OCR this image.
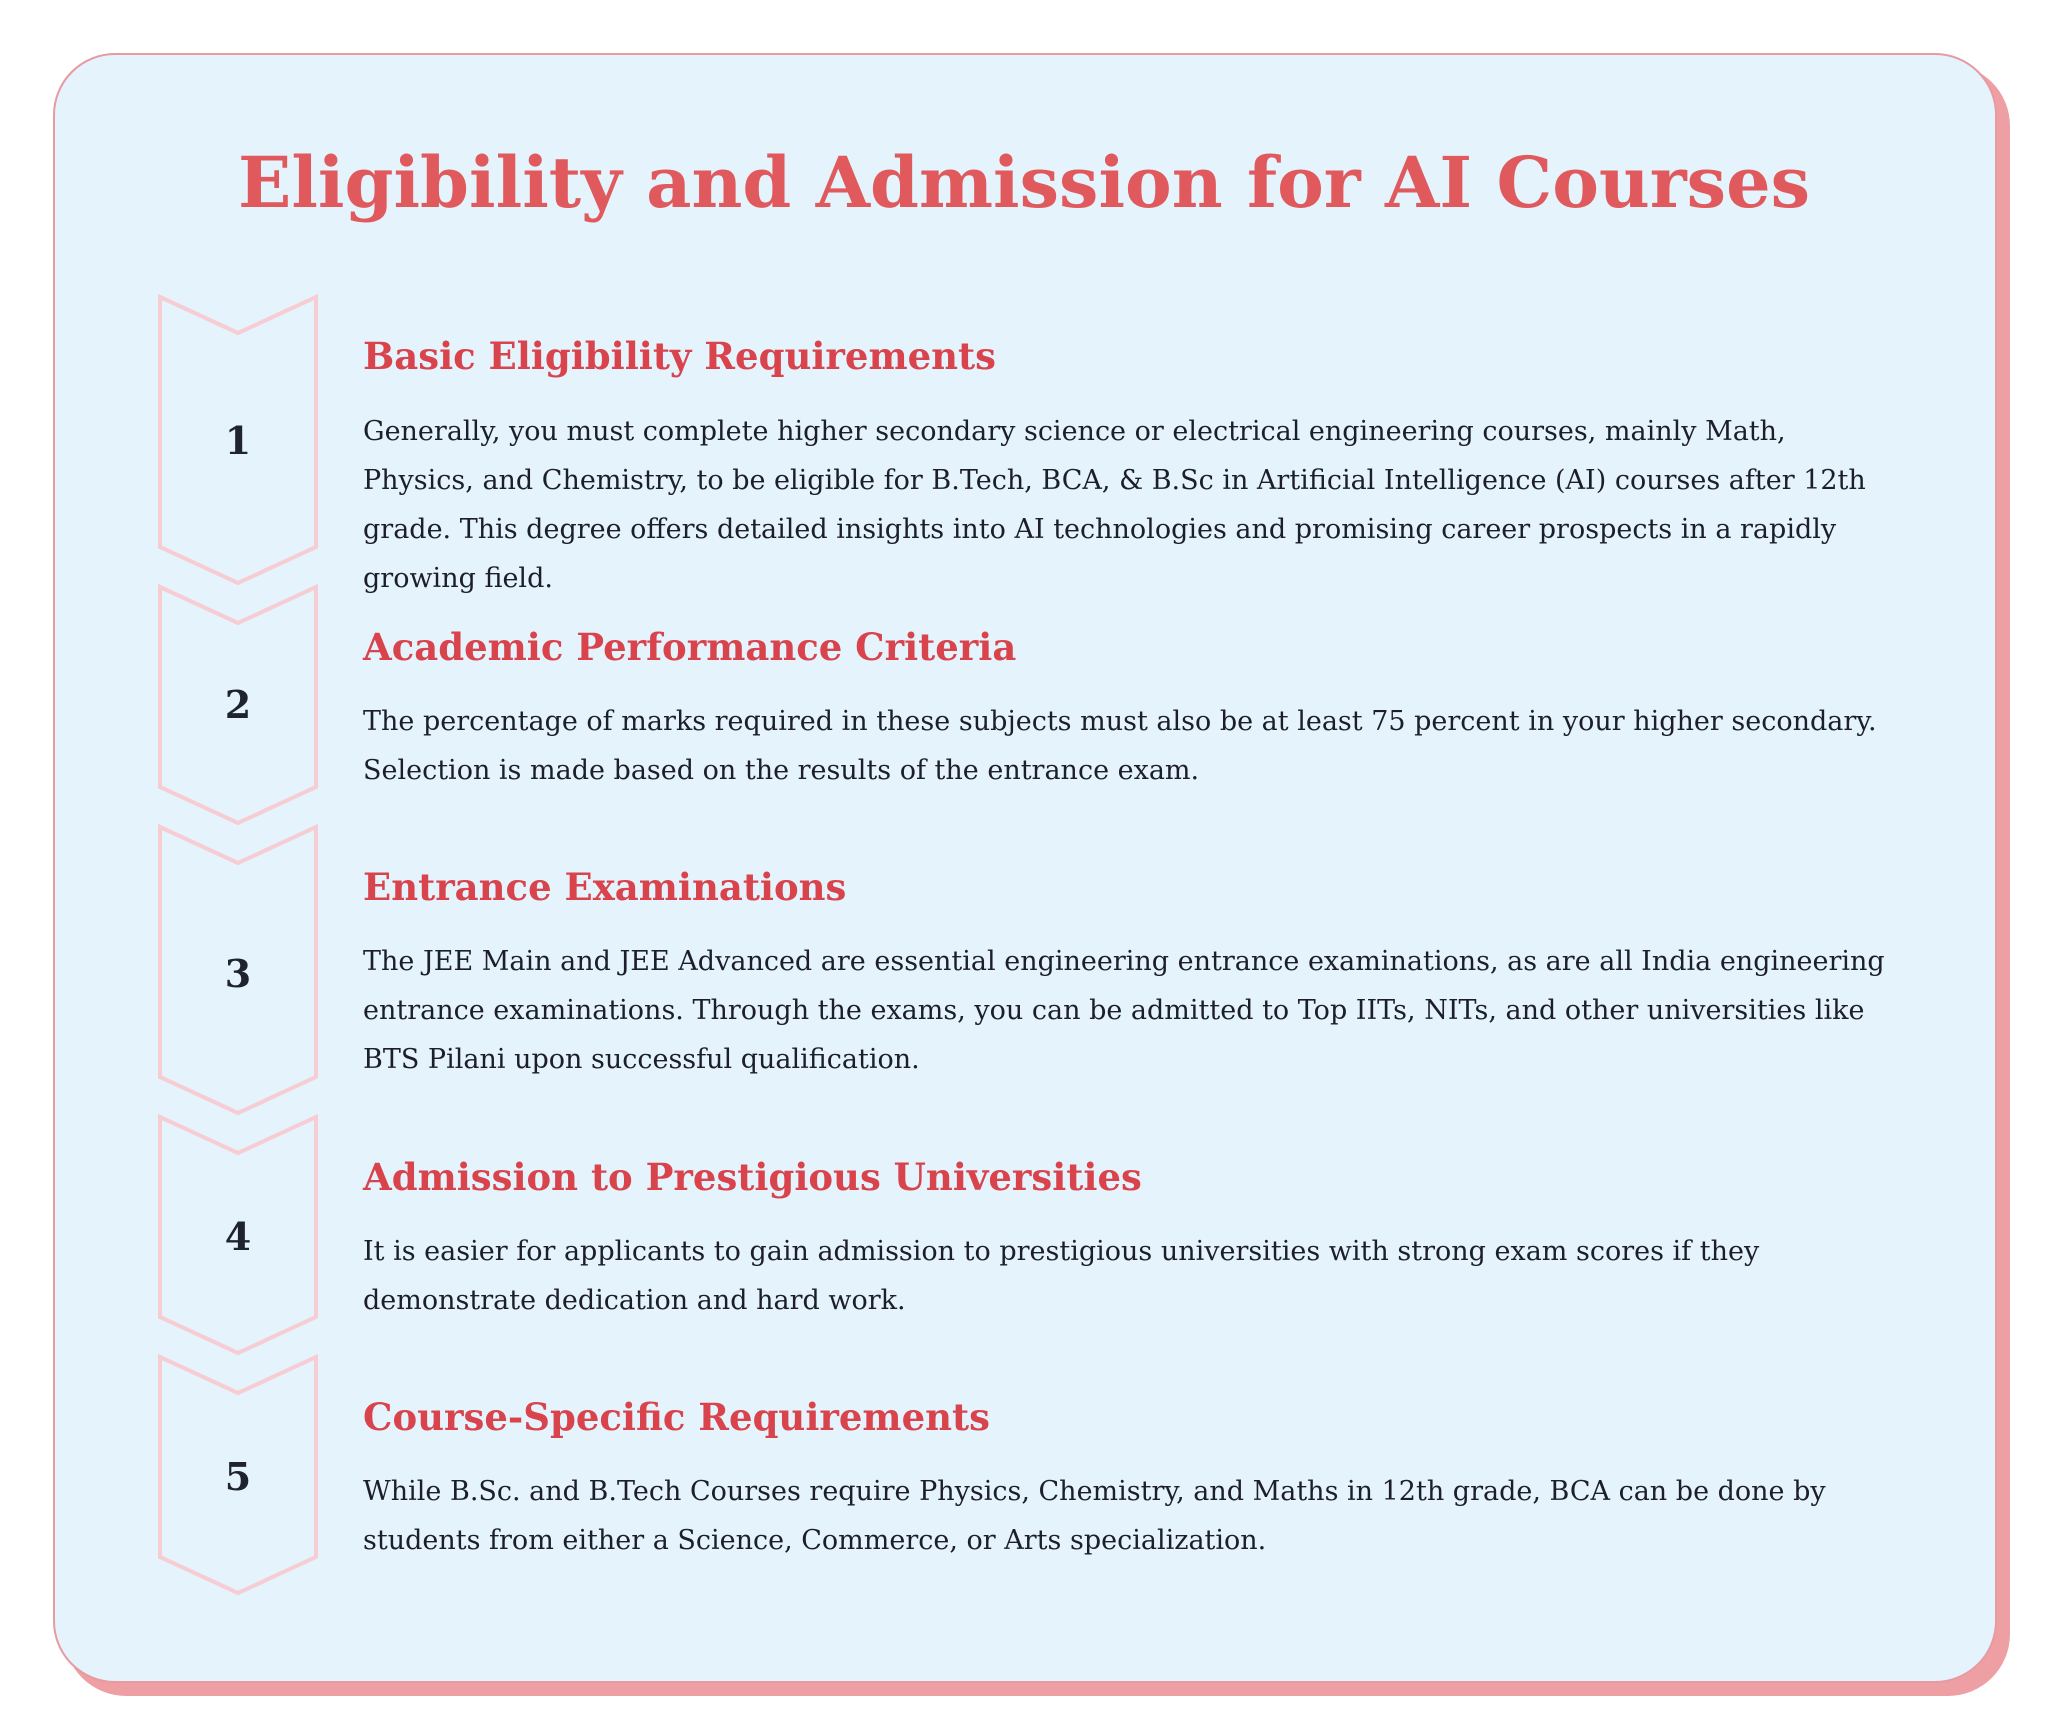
Eligibility and Admission for AI Courses
1
Basic Eligibility Requirements

Generally, you must complete higher secondary science or electrical engineering courses, mainly Math, Physics, and Chemistry, to be eligible for B.Tech, BCA, & B.Sc in Artificial Intelligence (AI) courses after 12th grade. This degree offers detailed insights into AI technologies and promising career prospects in a rapidly growing field.

2
Academic Performance Criteria

The percentage of marks required in these subjects must also be at least 75 percent in your higher secondary. Selection is made based on the results of the entrance exam.

3
Entrance Examinations

The JEE Main and JEE Advanced are essential engineering entrance examinations, as are all India engineering entrance examinations. Through the exams, you can be admitted to Top IITs, NITs, and other universities like BTS Pilani upon successful qualification.

4
Admission to Prestigious Universities

It is easier for applicants to gain admission to prestigious universities with strong exam scores if they demonstrate dedication and hard work.

5
Course-Specific Requirements

While B.Sc. and B.Tech Courses require Physics, Chemistry, and Maths in 12th grade, BCA can be done by students from either a Science, Commerce, or Arts specialization.
